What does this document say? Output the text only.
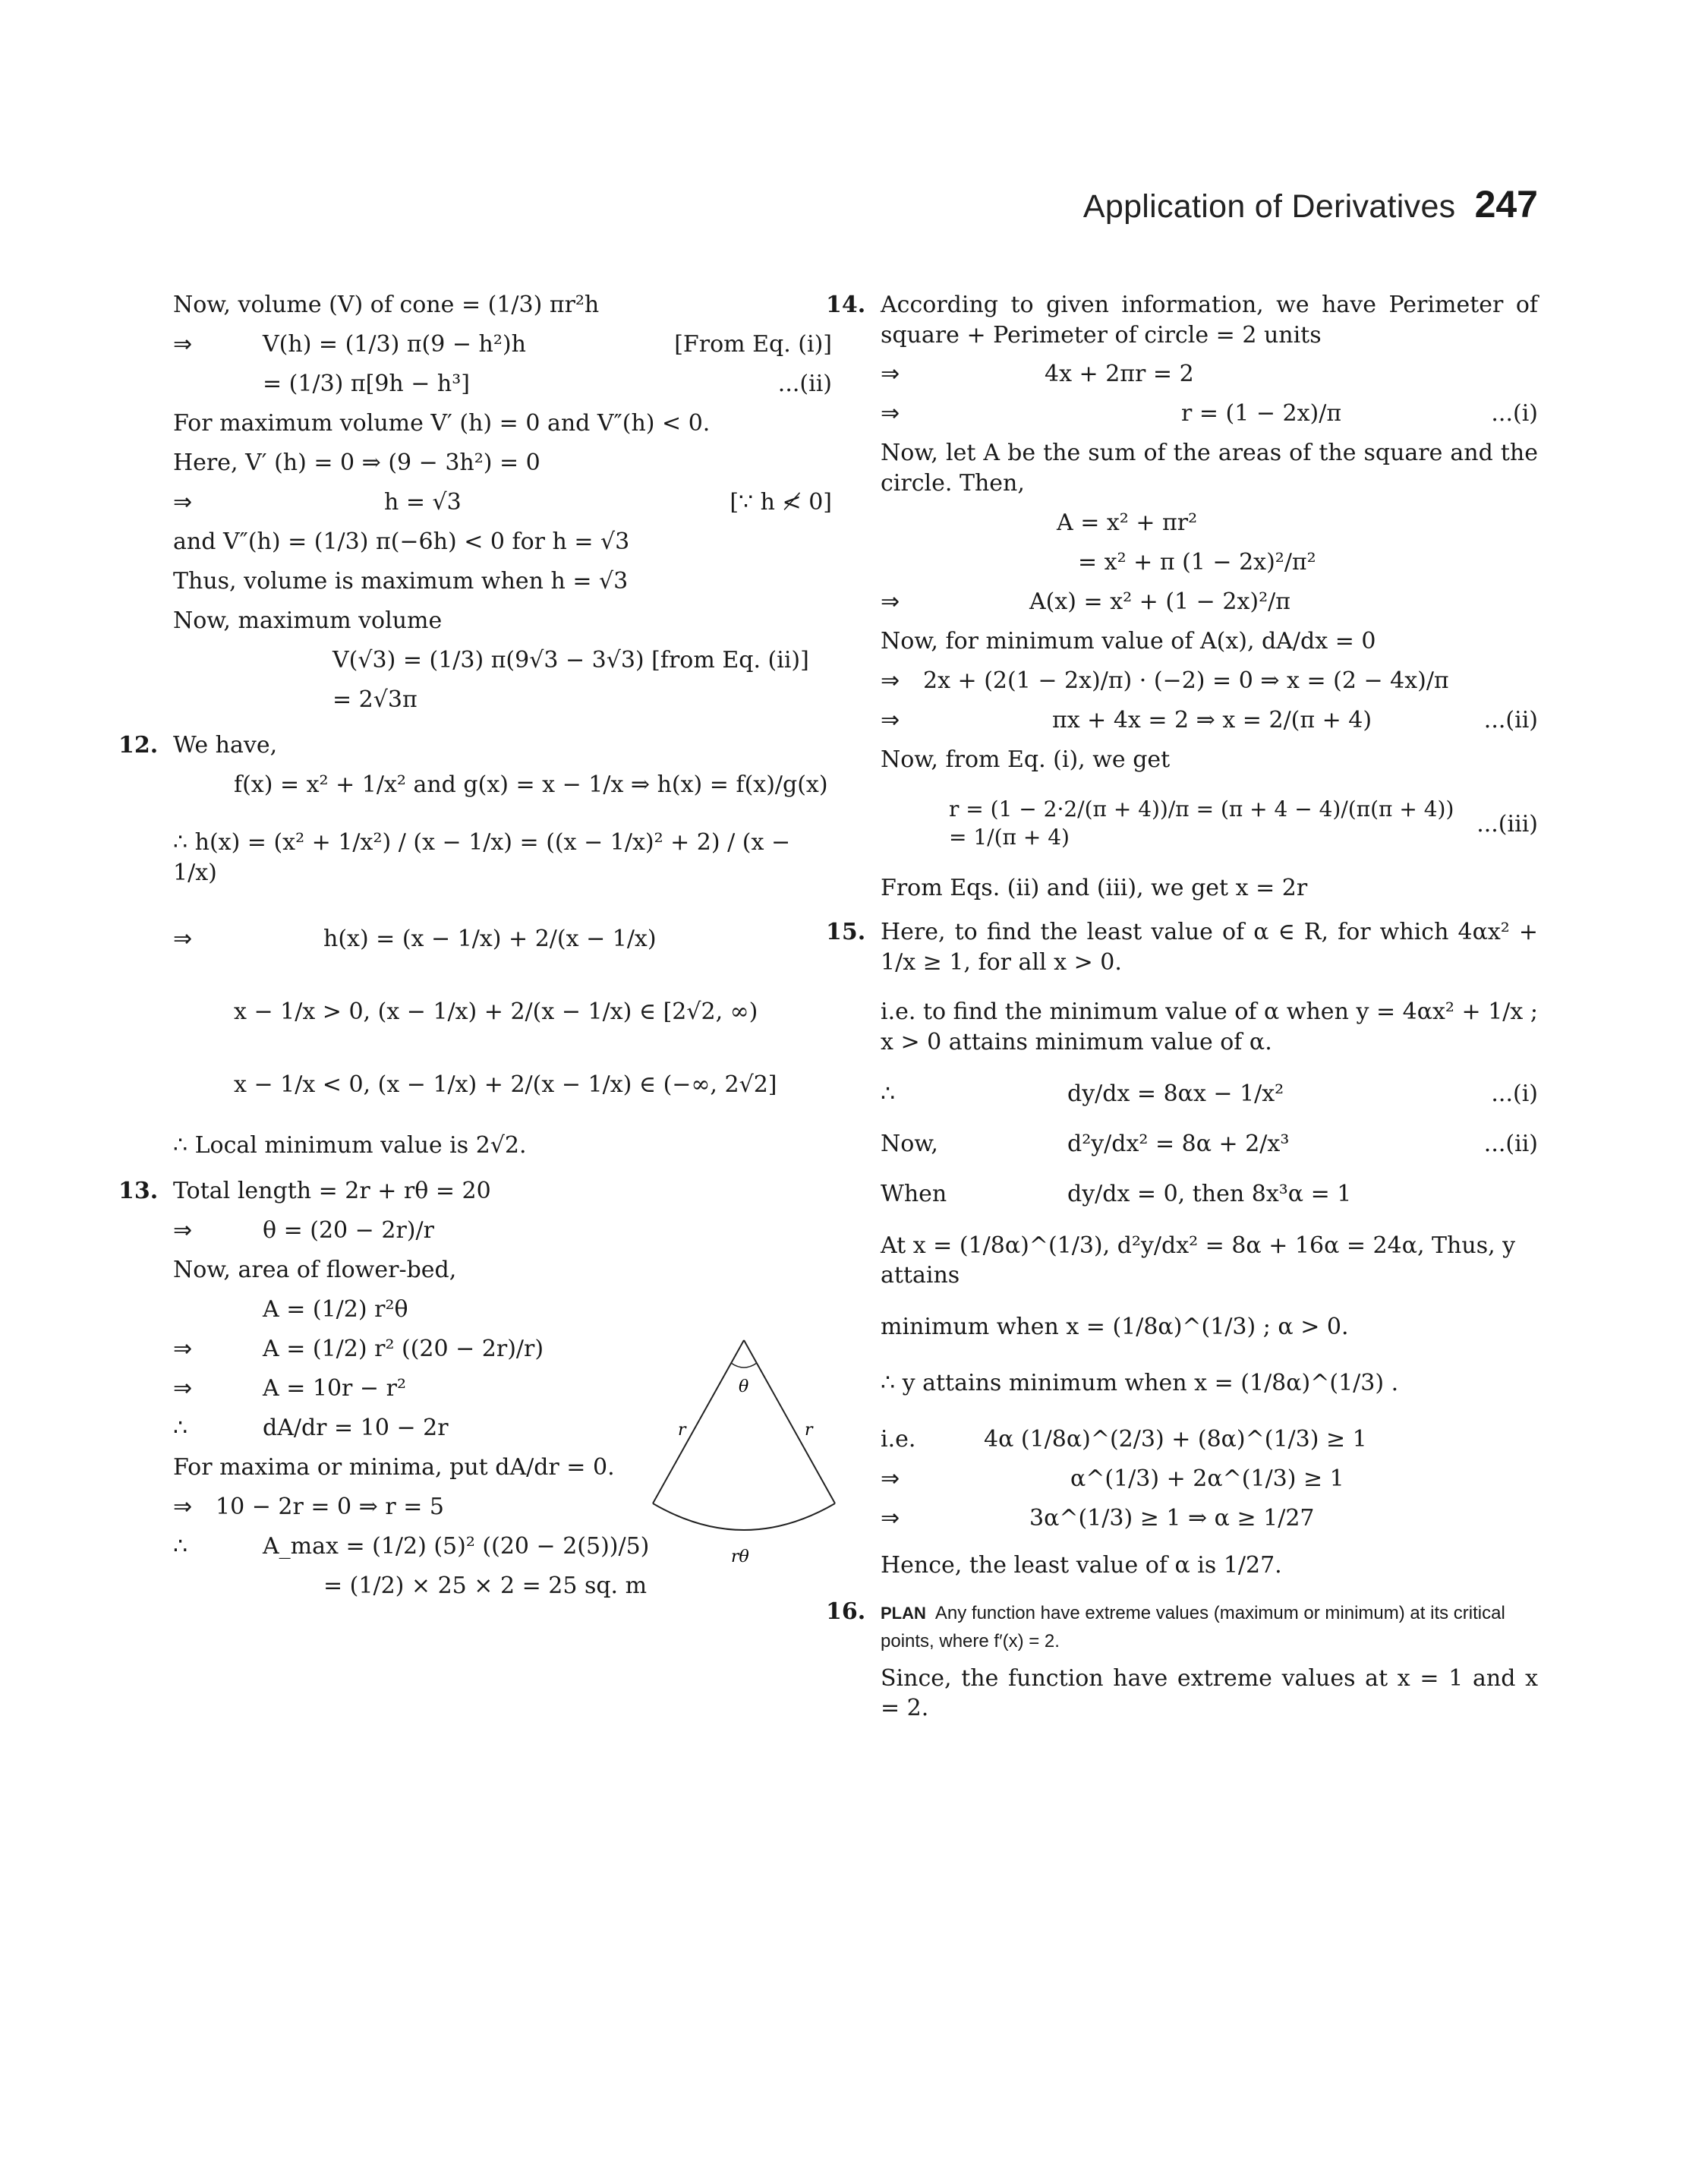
Application of Derivatives 247
Now, volume (V) of cone = (1/3) πr²h
⇒	V(h) = (1/3) π(9 − h²)h	[From Eq. (i)]
= (1/3) π[9h − h³]	...(ii)
For maximum volume V′ (h) = 0 and V″(h) < 0.
Here, V′ (h) = 0 ⇒ (9 − 3h²) = 0
⇒	h = √3	[∵ h ≮ 0]
and V″(h) = (1/3) π(−6h) < 0 for h = √3
Thus, volume is maximum when h = √3
Now, maximum volume
V(√3) = (1/3) π(9√3 − 3√3) [from Eq. (ii)]
= 2√3π
12. We have,
f(x) = x² + 1/x² and g(x) = x − 1/x ⇒ h(x) = f(x)/g(x)
∴ h(x) = (x² + 1/x²) / (x − 1/x) = ((x − 1/x)² + 2) / (x − 1/x)
⇒	h(x) = (x − 1/x) + 2/(x − 1/x)
x − 1/x > 0, (x − 1/x) + 2/(x − 1/x) ∈ [2√2, ∞)
x − 1/x < 0, (x − 1/x) + 2/(x − 1/x) ∈ (−∞, 2√2]
∴ Local minimum value is 2√2.
13. Total length = 2r + rθ = 20
⇒	θ = (20 − 2r)/r
Now, area of flower-bed,
A = (1/2) r²θ
⇒	A = (1/2) r² ((20 − 2r)/r)
⇒	A = 10r − r²
∴	dA/dr = 10 − 2r
For maxima or minima, put dA/dr = 0.
⇒	10 − 2r = 0 ⇒ r = 5
∴	A_max = (1/2) (5)² ((20 − 2(5))/5)
= (1/2) × 25 × 2 = 25 sq. m
θ
r	r
rθ
14. According to given information, we have Perimeter of square + Perimeter of circle = 2 units
⇒	4x + 2πr = 2
⇒	r = (1 − 2x)/π	...(i)
Now, let A be the sum of the areas of the square and the circle. Then,
A = x² + πr²
= x² + π (1 − 2x)²/π²
⇒	A(x) = x² + (1 − 2x)²/π
Now, for minimum value of A(x), dA/dx = 0
⇒	2x + (2(1 − 2x)/π) · (−2) = 0 ⇒ x = (2 − 4x)/π
⇒	πx + 4x = 2 ⇒ x = 2/(π + 4)	...(ii)
Now, from Eq. (i), we get
r = (1 − 2·2/(π + 4))/π = (π + 4 − 4)/(π(π + 4)) = 1/(π + 4)
...(iii)
From Eqs. (ii) and (iii), we get x = 2r
15. Here, to find the least value of α ∈ R, for which 4αx² + 1/x ≥ 1, for all x > 0.
i.e. to find the minimum value of α when y = 4αx² + 1/x ; x > 0 attains minimum value of α.
∴	dy/dx = 8αx − 1/x²	...(i)
Now,	d²y/dx² = 8α + 2/x³	...(ii)
When	dy/dx = 0, then 8x³α = 1
At x = (1/8α)^(1/3), d²y/dx² = 8α + 16α = 24α, Thus, y attains
minimum when x = (1/8α)^(1/3) ; α > 0.
∴ y attains minimum when x = (1/8α)^(1/3) .
i.e.	4α (1/8α)^(2/3) + (8α)^(1/3) ≥ 1
⇒	α^(1/3) + 2α^(1/3) ≥ 1
⇒	3α^(1/3) ≥ 1 ⇒ α ≥ 1/27
Hence, the least value of α is 1/27.
16. PLAN Any function have extreme values (maximum or minimum) at its critical points, where f′(x) = 2.
Since, the function have extreme values at x = 1 and x = 2.
